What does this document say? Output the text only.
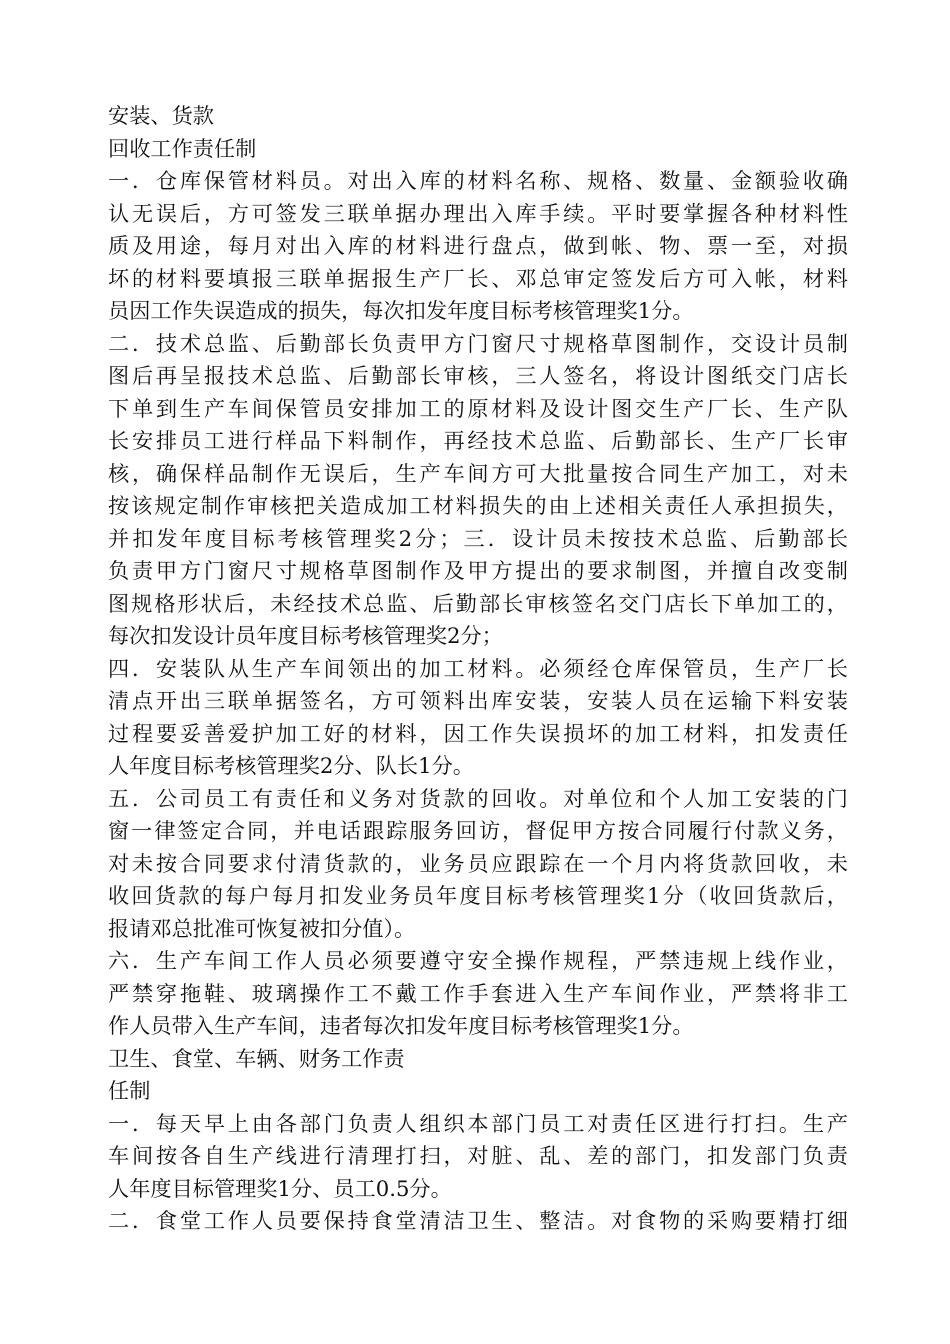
安装、货款
回收工作责任制
一．仓库保管材料员。对出入库的材料名称、规格、数量、金额验收确
认无误后，方可签发三联单据办理出入库手续。平时要掌握各种材料性
质及用途，每月对出入库的材料进行盘点，做到帐、物、票一至，对损
坏的材料要填报三联单据报生产厂长、邓总审定签发后方可入帐，材料
员因工作失误造成的损失，每次扣发年度目标考核管理奖1分。
二．技术总监、后勤部长负责甲方门窗尺寸规格草图制作，交设计员制
图后再呈报技术总监、后勤部长审核，三人签名，将设计图纸交门店长
下单到生产车间保管员安排加工的原材料及设计图交生产厂长、生产队
长安排员工进行样品下料制作，再经技术总监、后勤部长、生产厂长审
核，确保样品制作无误后，生产车间方可大批量按合同生产加工，对未
按该规定制作审核把关造成加工材料损失的由上述相关责任人承担损失，
并扣发年度目标考核管理奖2分；三．设计员未按技术总监、后勤部长
负责甲方门窗尺寸规格草图制作及甲方提出的要求制图，并擅自改变制
图规格形状后，未经技术总监、后勤部长审核签名交门店长下单加工的，
每次扣发设计员年度目标考核管理奖2分；
四．安装队从生产车间领出的加工材料。必须经仓库保管员，生产厂长
清点开出三联单据签名，方可领料出库安装，安装人员在运输下料安装
过程要妥善爱护加工好的材料，因工作失误损坏的加工材料，扣发责任
人年度目标考核管理奖2分、队长1分。
五．公司员工有责任和义务对货款的回收。对单位和个人加工安装的门
窗一律签定合同，并电话跟踪服务回访，督促甲方按合同履行付款义务，
对未按合同要求付清货款的，业务员应跟踪在一个月内将货款回收，未
收回货款的每户每月扣发业务员年度目标考核管理奖1分（收回货款后，
报请邓总批准可恢复被扣分值）。
六．生产车间工作人员必须要遵守安全操作规程，严禁违规上线作业，
严禁穿拖鞋、玻璃操作工不戴工作手套进入生产车间作业，严禁将非工
作人员带入生产车间，违者每次扣发年度目标考核管理奖1分。
卫生、食堂、车辆、财务工作责
任制
一．每天早上由各部门负责人组织本部门员工对责任区进行打扫。生产
车间按各自生产线进行清理打扫，对脏、乱、差的部门，扣发部门负责
人年度目标管理奖1分、员工0.5分。
二．食堂工作人员要保持食堂清洁卫生、整洁。对食物的采购要精打细
